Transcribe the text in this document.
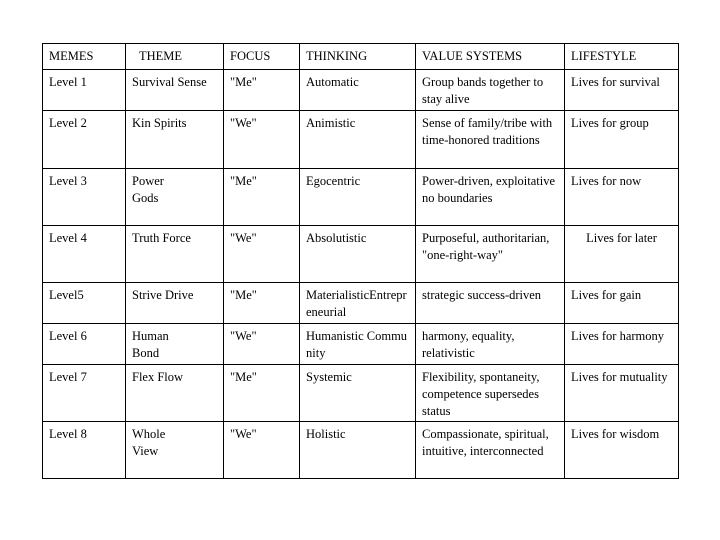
MEMES	THEME	FOCUS	THINKING	VALUE SYSTEMS	LIFESTYLE
Level 1	Survival Sense	"Me"	Automatic	Group bands together to stay alive	Lives for survival
Level 2	Kin Spirits	"We"	Animistic	Sense of family/tribe with time-honored traditions	Lives for group
Level 3	Power Gods	"Me"	Egocentric	Power-driven, exploitative no boundaries	Lives for now
Level 4	Truth Force	"We"	Absolutistic	Purposeful, authoritarian, "one-right-way"	Lives for later
Level5	Strive Drive	"Me"	MaterialisticEntrepreneurial	strategic success-driven	Lives for gain
Level 6	Human Bond	"We"	Humanistic Community	harmony, equality, relativistic	Lives for harmony
Level 7	Flex Flow	"Me"	Systemic	Flexibility, spontaneity, competence supersedes status	Lives for mutuality
Level 8	Whole View	"We"	Holistic	Compassionate, spiritual, intuitive, interconnected	Lives for wisdom
